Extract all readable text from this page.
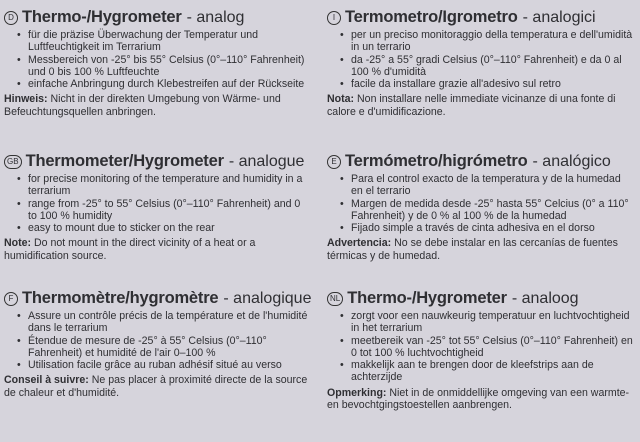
D Thermo-/Hygrometer - analog
• für die präzise Überwachung der Temperatur und Luftfeuchtigkeit im Terrarium
• Messbereich von -25° bis 55° Celsius (0°–110° Fahrenheit) und 0 bis 100 % Luftfeuchte
• einfache Anbringung durch Klebestreifen auf der Rückseite
Hinweis: Nicht in der direkten Umgebung von Wärme- und Befeuchtungsquellen anbringen.
I Termometro/Igrometro - analogici
• per un preciso monitoraggio della temperatura e dell'umidità in un terrario
• da -25° a 55° gradi Celsius (0°–110° Fahrenheit) e da 0 al 100 % d'umidità
• facile da installare grazie all'adesivo sul retro
Nota: Non installare nelle immediate vicinanze di una fonte di calore e d'umidificazione.
GB Thermometer/Hygrometer - analogue
• for precise monitoring of the temperature and humidity in a terrarium
• range from -25° to 55° Celsius (0°–110° Fahrenheit) and 0 to 100 % humidity
• easy to mount due to sticker on the rear
Note: Do not mount in the direct vicinity of a heat or a humidification source.
E Termómetro/higrómetro - analógico
• Para el control exacto de la temperatura y de la humedad en el terrario
• Margen de medida desde -25° hasta 55° Celcius (0° a 110° Fahrenheit) y de 0 % al 100 % de la humedad
• Fijado simple a través de cinta adhesiva en el dorso
Advertencia: No se debe instalar en las cercanías de fuentes térmicas y de humedad.
F Thermomètre/hygromètre - analogique
• Assure un contrôle précis de la température et de l'humidité dans le terrarium
• Étendue de mesure de -25° à 55° Celsius (0°–110° Fahrenheit) et humidité de l'air 0–100 %
• Utilisation facile grâce au ruban adhésif situé au verso
Conseil à suivre: Ne pas placer à proximité directe de la source de chaleur et d'humidité.
NL Thermo-/Hygrometer - analoog
• zorgt voor een nauwkeurig temperatuur en luchtvochtigheid in het terrarium
• meetbereik van -25° tot 55° Celsius (0°–110° Fahrenheit) en 0 tot 100 % luchtvochtigheid
• makkelijk aan te brengen door de kleefstrips aan de achterzijde
Opmerking: Niet in de onmiddellijke omgeving van een warmte- en bevochtgingstoestellen aanbrengen.
